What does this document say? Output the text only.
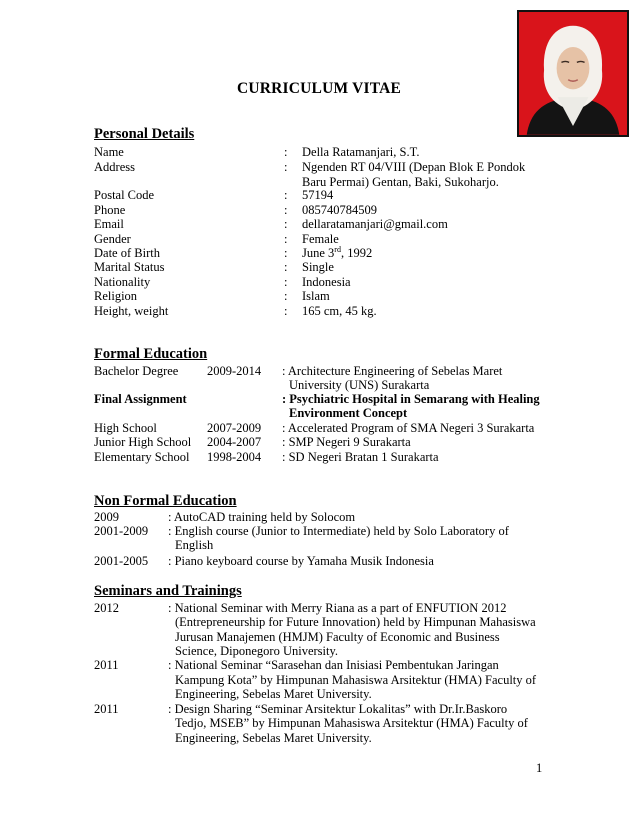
CURRICULUM VITAE
Personal Details
Name	: Della Ratamanjari, S.T.
Address	: Ngenden RT 04/VIII (Depan Blok E Pondok
Baru Permai) Gentan, Baki, Sukoharjo.
Postal Code	: 57194
Phone	: 085740784509
Email	: dellaratamanjari@gmail.com
Gender	: Female
Date of Birth	: June 3rd, 1992
Marital Status	: Single
Nationality	: Indonesia
Religion	: Islam
Height, weight	: 165 cm, 45 kg.
Formal Education
Bachelor Degree 2009-2014 : Architecture Engineering of Sebelas Maret
University (UNS) Surakarta
Final Assignment	: Psychiatric Hospital in Semarang with Healing
Environment Concept
High School	2007-2009 : Accelerated Program of SMA Negeri 3 Surakarta
Junior High School 2004-2007 : SMP Negeri 9 Surakarta
Elementary School 1998-2004 : SD Negeri Bratan 1 Surakarta
Non Formal Education
2009	: AutoCAD training held by Solocom
2001-2009 : English course (Junior to Intermediate) held by Solo Laboratory of
English
2001-2005 : Piano keyboard course by Yamaha Musik Indonesia
Seminars and Trainings
2012	: National Seminar with Merry Riana as a part of ENFUTION 2012
(Entrepreneurship for Future Innovation) held by Himpunan Mahasiswa
Jurusan Manajemen (HMJM) Faculty of Economic and Business
Science, Diponegoro University.
2011	: National Seminar “Sarasehan dan Inisiasi Pembentukan Jaringan
Kampung Kota” by Himpunan Mahasiswa Arsitektur (HMA) Faculty of
Engineering, Sebelas Maret University.
2011	: Design Sharing “Seminar Arsitektur Lokalitas” with Dr.Ir.Baskoro
Tedjo, MSEB” by Himpunan Mahasiswa Arsitektur (HMA) Faculty of
Engineering, Sebelas Maret University.
1
